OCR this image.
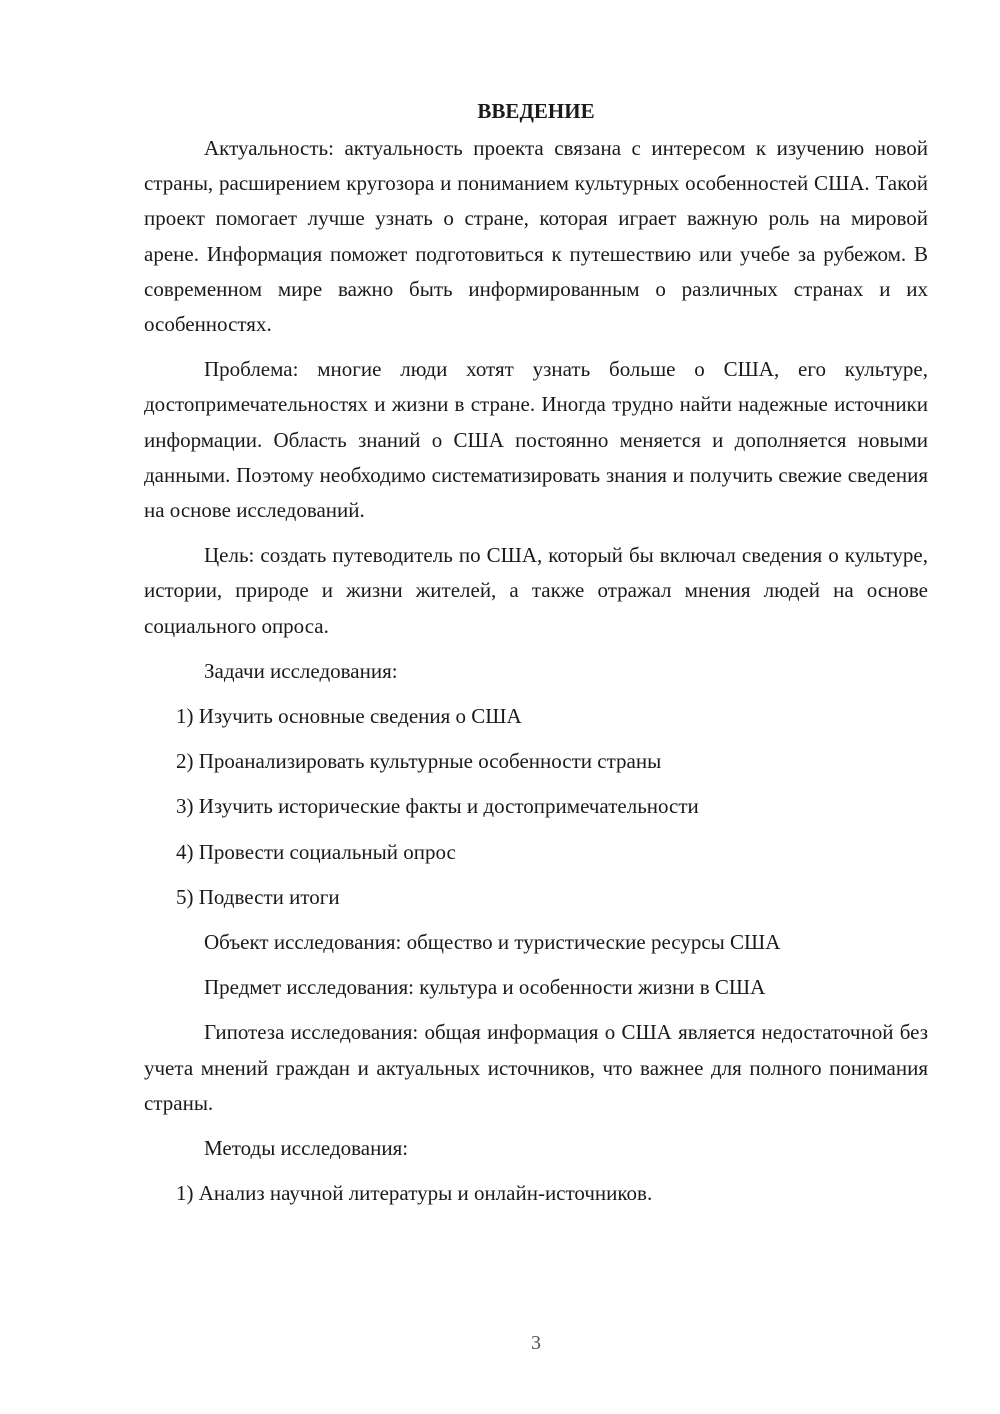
ВВЕДЕНИЕ

Актуальность: актуальность проекта связана с интересом к изучению новой страны, расширением кругозора и пониманием культурных особенностей США. Такой проект помогает лучше узнать о стране, которая играет важную роль на мировой арене. Информация поможет подготовиться к путешествию или учебе за рубежом. В современном мире важно быть информированным о различных странах и их особенностях.

Проблема: многие люди хотят узнать больше о США, его культуре, достопримечательностях и жизни в стране. Иногда трудно найти надежные источники информации. Область знаний о США постоянно меняется и дополняется новыми данными. Поэтому необходимо систематизировать знания и получить свежие сведения на основе исследований.

Цель: создать путеводитель по США, который бы включал сведения о культуре, истории, природе и жизни жителей, а также отражал мнения людей на основе социального опроса.

Задачи исследования:
1) Изучить основные сведения о США
2) Проанализировать культурные особенности страны
3) Изучить исторические факты и достопримечательности
4) Провести социальный опрос
5) Подвести итоги
Объект исследования: общество и туристические ресурсы США
Предмет исследования: культура и особенности жизни в США

Гипотеза исследования: общая информация о США является недостаточной без учета мнений граждан и актуальных источников, что важнее для полного понимания страны.

Методы исследования:
1) Анализ научной литературы и онлайн-источников.
3
